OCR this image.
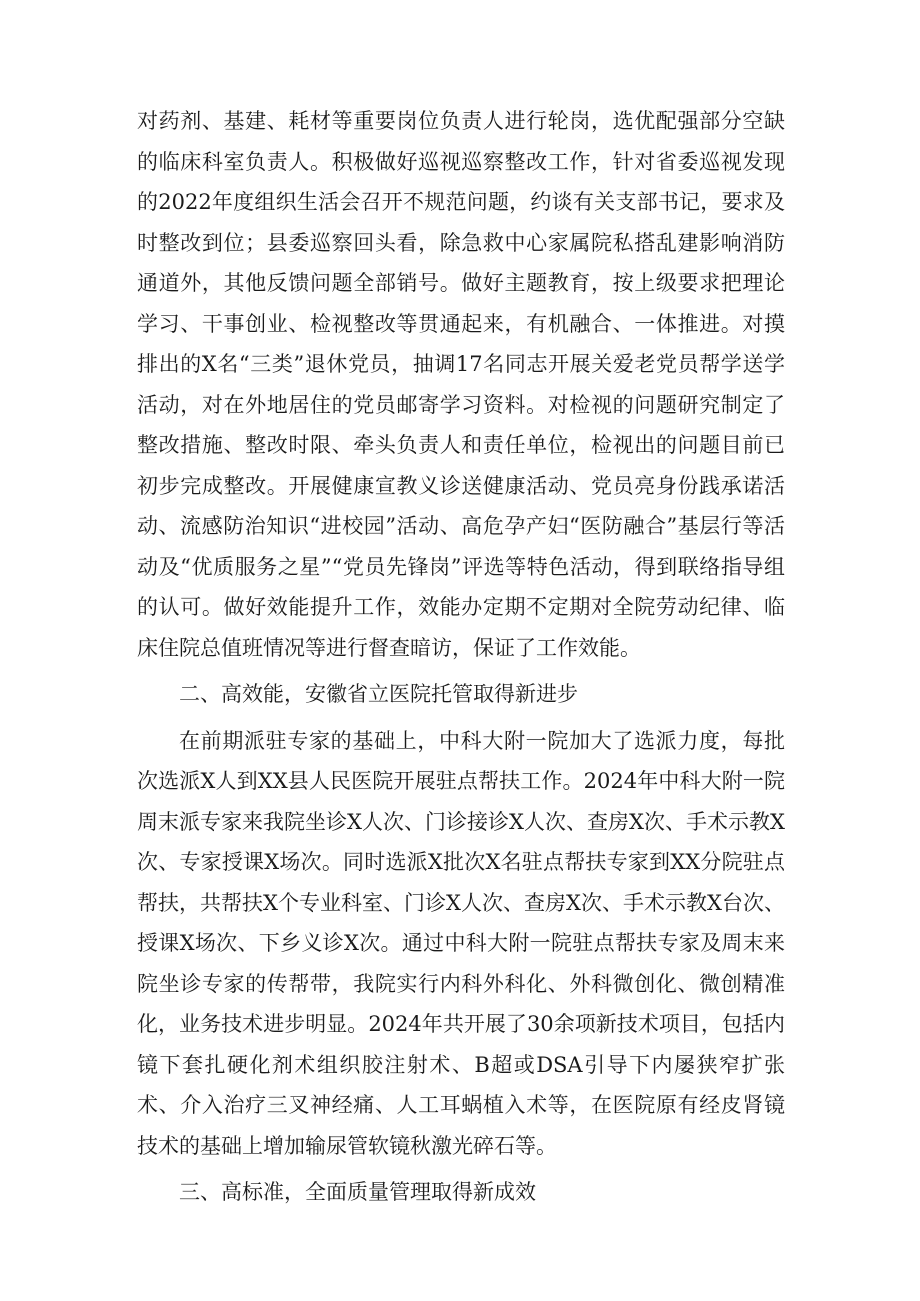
对药剂、基建、耗材等重要岗位负责人进行轮岗，选优配强部分空缺的临床科室负责人。积极做好巡视巡察整改工作，针对省委巡视发现的2022年度组织生活会召开不规范问题，约谈有关支部书记，要求及时整改到位；县委巡察回头看，除急救中心家属院私搭乱建影响消防通道外，其他反馈问题全部销号。做好主题教育，按上级要求把理论学习、干事创业、检视整改等贯通起来，有机融合、一体推进。对摸排出的X名“三类”退休党员，抽调17名同志开展关爱老党员帮学送学活动，对在外地居住的党员邮寄学习资料。对检视的问题研究制定了整改措施、整改时限、牵头负责人和责任单位，检视出的问题目前已初步完成整改。开展健康宣教义诊送健康活动、党员亮身份践承诺活动、流感防治知识“进校园”活动、高危孕产妇“医防融合”基层行等活动及“优质服务之星”“党员先锋岗”评选等特色活动，得到联络指导组的认可。做好效能提升工作，效能办定期不定期对全院劳动纪律、临床住院总值班情况等进行督查暗访，保证了工作效能。

二、高效能，安徽省立医院托管取得新进步

在前期派驻专家的基础上，中科大附一院加大了选派力度，每批次选派X人到XX县人民医院开展驻点帮扶工作。2024年中科大附一院周末派专家来我院坐诊X人次、门诊接诊X人次、查房X次、手术示教X次、专家授课X场次。同时选派X批次X名驻点帮扶专家到XX分院驻点帮扶，共帮扶X个专业科室、门诊X人次、查房X次、手术示教X台次、授课X场次、下乡义诊X次。通过中科大附一院驻点帮扶专家及周末来院坐诊专家的传帮带，我院实行内科外科化、外科微创化、微创精准化，业务技术进步明显。2024年共开展了30余项新技术项目，包括内镜下套扎硬化剂术组织胶注射术、B超或DSA引导下内屡狭窄扩张术、介入治疗三叉神经痛、人工耳蜗植入术等，在医院原有经皮肾镜技术的基础上增加输尿管软镜秋激光碎石等。

三、高标准，全面质量管理取得新成效
